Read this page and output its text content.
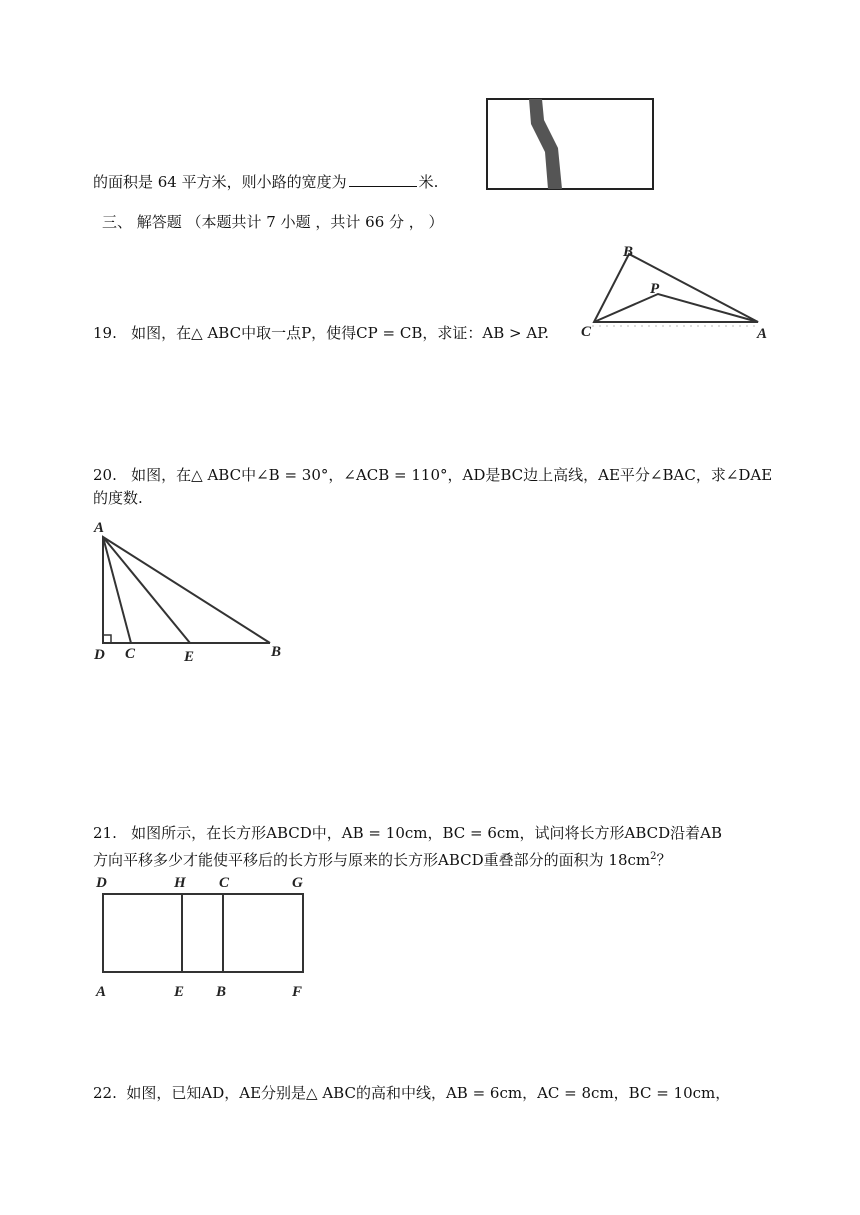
的面积是 64 平方米，则小路的宽度为	米.
三、 解答题 （本题共计 7 小题 ，共计 66 分 ， ）
19. 如图，在△ ABC中取一点P，使得CP = CB，求证：AB > AP.
B
P
C	A
20. 如图，在△ ABC中∠B = 30°，∠ACB = 110°，AD是BC边上高线，AE平分∠BAC，求∠DAE
的度数.
A
D C	E	B
21. 如图所示，在长方形ABCD中，AB = 10cm，BC = 6cm，试问将长方形ABCD沿着AB
方向平移多少才能使平移后的长方形与原来的长方形ABCD重叠部分的面积为 $18cm^2$？
D	H C	G
A	E B	F
22. 如图，已知AD，AE分别是△ ABC的高和中线，AB = 6cm，AC = 8cm，BC = 10cm，
